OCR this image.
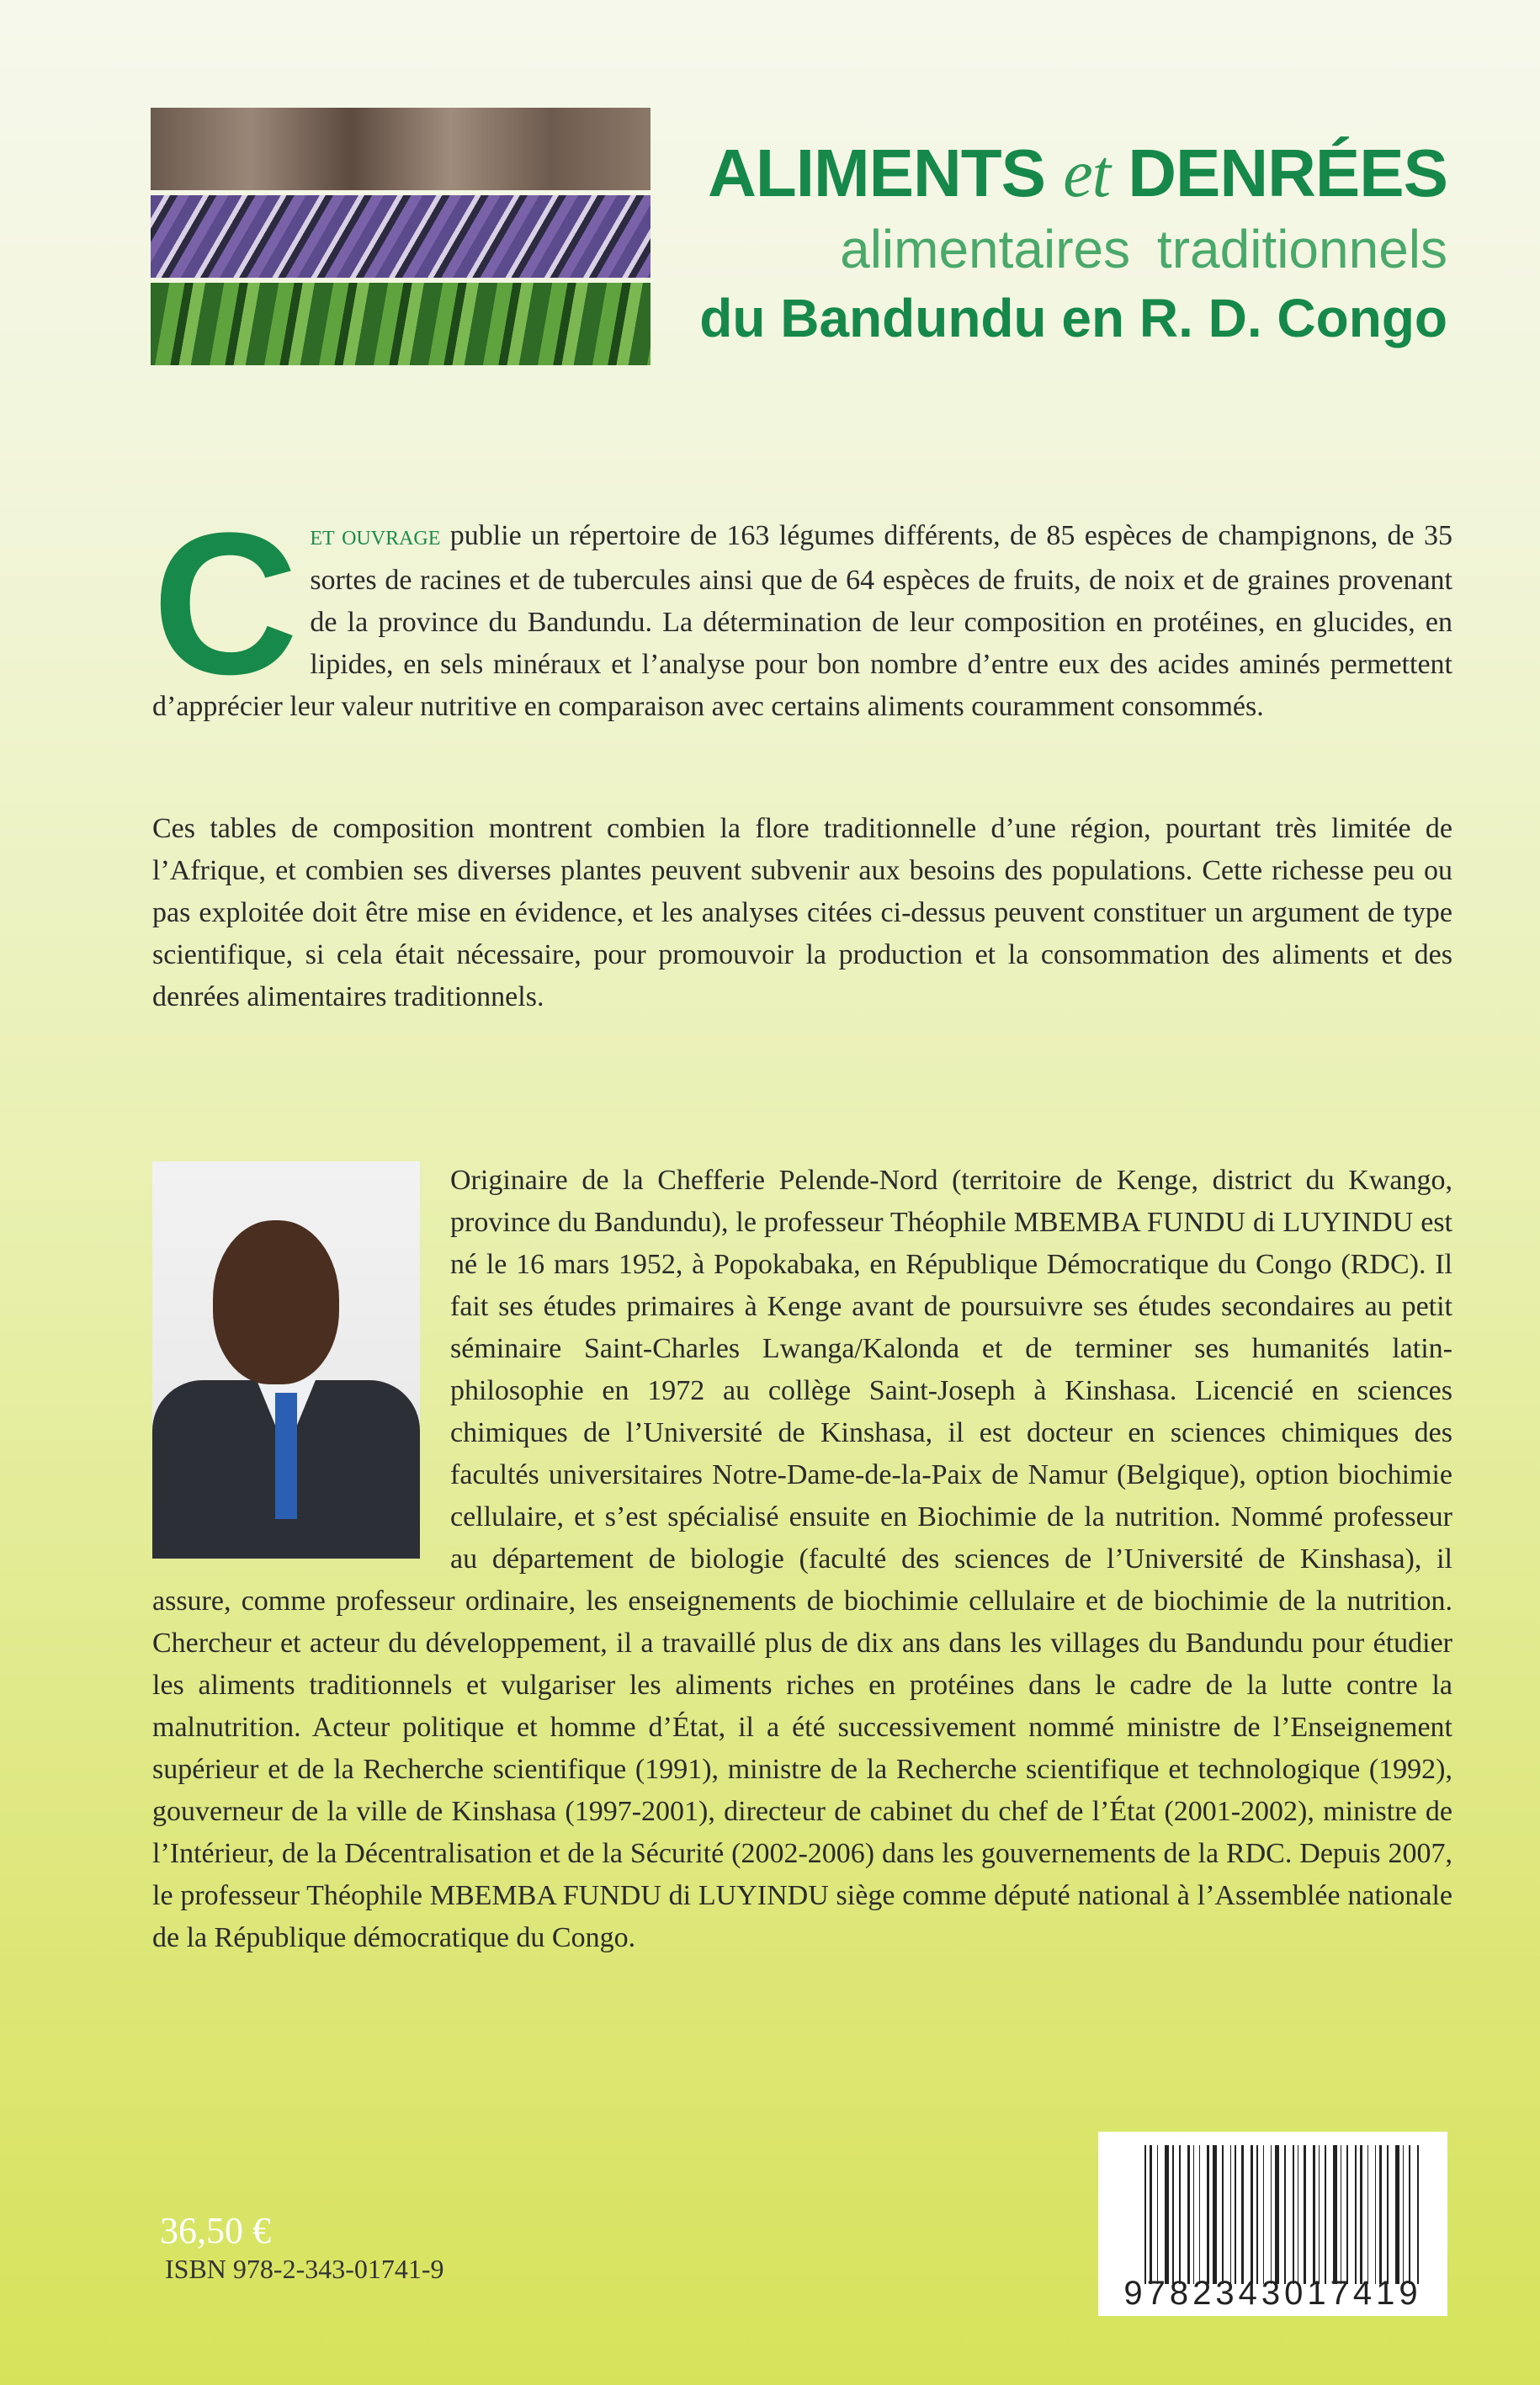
ALIMENTS et DENRÉES
alimentaires traditionnels
du Bandundu en R. D. Congo
CET OUVRAGE publie un répertoire de 163 légumes différents, de 85 espèces de champignons, de 35 sortes de racines et de tubercules ainsi que de 64 espèces de fruits, de noix et de graines provenant de la province du Bandundu. La détermination de leur composition en protéines, en glucides, en lipides, en sels minéraux et l’analyse pour bon nombre d’entre eux des acides aminés permettent d’apprécier leur valeur nutritive en comparaison avec certains aliments couramment consommés.
Ces tables de composition montrent combien la flore traditionnelle d’une région, pourtant très limitée de l’Afrique, et combien ses diverses plantes peuvent subvenir aux besoins des populations. Cette richesse peu ou pas exploitée doit être mise en évidence, et les analyses citées ci-dessus peuvent constituer un argument de type scientifique, si cela était nécessaire, pour promouvoir la production et la consommation des aliments et des denrées alimentaires traditionnels.
Originaire de la Chefferie Pelende-Nord (territoire de Kenge, district du Kwango, province du Bandundu), le professeur Théophile MBEMBA FUNDU di LUYINDU est né le 16 mars 1952, à Popokabaka, en République Démocratique du Congo (RDC). Il fait ses études primaires à Kenge avant de poursuivre ses études secondaires au petit séminaire Saint-Charles Lwanga/Kalonda et de terminer ses humanités latin-philosophie en 1972 au collège Saint-Joseph à Kinshasa. Licencié en sciences chimiques de l’Université de Kinshasa, il est docteur en sciences chimiques des facultés universitaires Notre-Dame-de-la-Paix de Namur (Belgique), option biochimie cellulaire, et s’est spécialisé ensuite en Biochimie de la nutrition. Nommé professeur au département de biologie (faculté des sciences de l’Université de Kinshasa), il assure, comme professeur ordinaire, les enseignements de biochimie cellulaire et de biochimie de la nutrition. Chercheur et acteur du développement, il a travaillé plus de dix ans dans les villages du Bandundu pour étudier les aliments traditionnels et vulgariser les aliments riches en protéines dans le cadre de la lutte contre la malnutrition. Acteur politique et homme d’État, il a été successivement nommé ministre de l’Enseignement supérieur et de la Recherche scientifique (1991), ministre de la Recherche scientifique et technologique (1992), gouverneur de la ville de Kinshasa (1997-2001), directeur de cabinet du chef de l’État (2001-2002), ministre de l’Intérieur, de la Décentralisation et de la Sécurité (2002-2006) dans les gouvernements de la RDC. Depuis 2007, le professeur Théophile MBEMBA FUNDU di LUYINDU siège comme député national à l’Assemblée nationale de la République démocratique du Congo.
36,50 €
ISBN 978-2-343-01741-9
9782343017419
